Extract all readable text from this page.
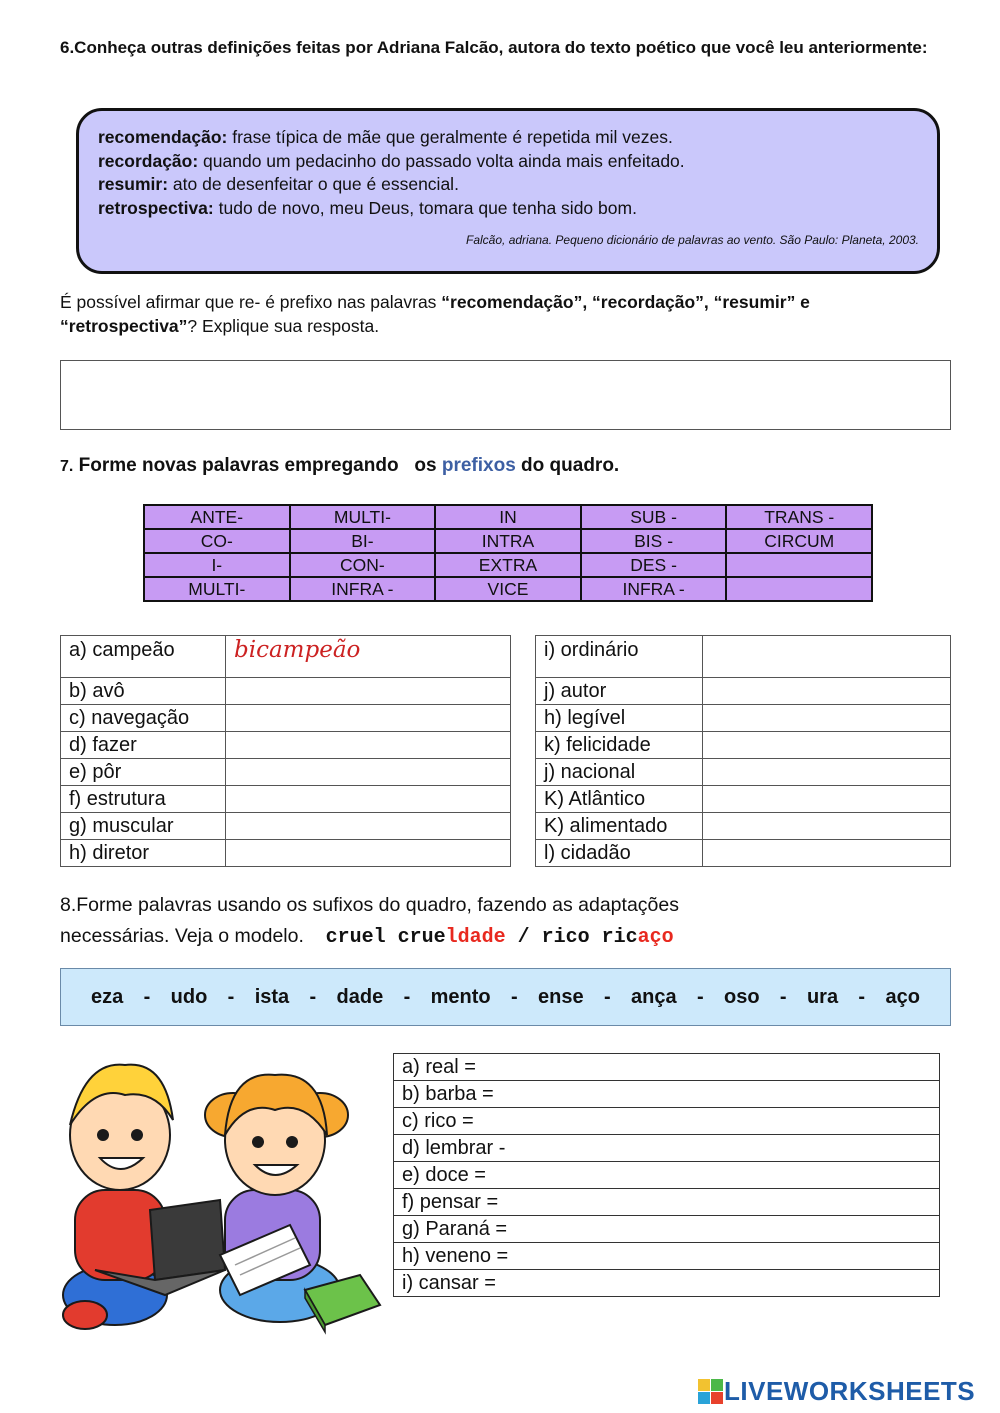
6.Conheça outras definições feitas por Adriana Falcão, autora do texto poético que você leu anteriormente:
recomendação: frase típica de mãe que geralmente é repetida mil vezes.
recordação: quando um pedacinho do passado volta ainda mais enfeitado.
resumir: ato de desenfeitar o que é essencial.
retrospectiva: tudo de novo, meu Deus, tomara que tenha sido bom.
Falcão, adriana. Pequeno dicionário de palavras ao vento. São Paulo: Planeta, 2003.
É possível afirmar que re- é prefixo nas palavras “recomendação”, “recordação”, “resumir” e “retrospectiva”? Explique sua resposta.
7. Forme novas palavras empregando   os prefixos do quadro.
ANTE-	MULTI-	IN	SUB -	TRANS -
CO-	BI-	INTRA	BIS -	CIRCUM
I-	CON-	EXTRA	DES -	
MULTI-	INFRA -	VICE	INFRA -	
a) campeão	bicampeão
b) avô	
c) navegação	
d) fazer	
e) pôr	
f) estrutura	
g) muscular	
h) diretor	
i) ordinário	
j) autor	
h) legível	
k) felicidade	
j) nacional	
K) Atlântico	
K) alimentado	
l) cidadão	
8.Forme palavras usando os sufixos do quadro, fazendo as adaptações
necessárias. Veja o modelo. cruel crueldade / rico ricaço
eza - udo - ista - dade - mento - ense - ança - oso - ura - aço
a) real =
b) barba =
c) rico =
d) lembrar -
e) doce =
f) pensar =
g) Paraná =
h) veneno =
i) cansar =
LIVEWORKSHEETS
